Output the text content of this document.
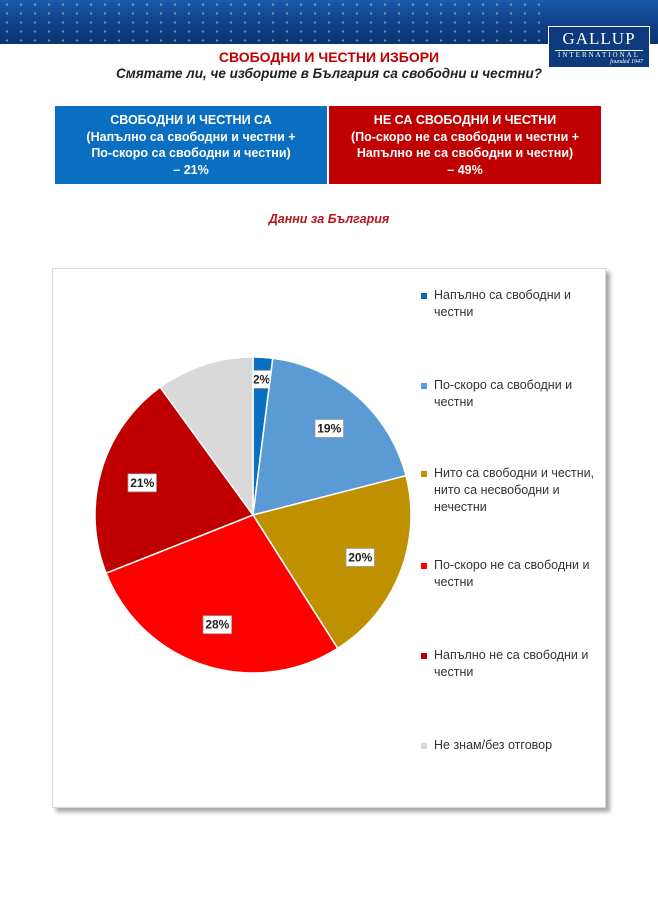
GALLUP
INTERNATIONAL
founded 1947
СВОБОДНИ И ЧЕСТНИ ИЗБОРИ
Смятате ли, че изборите в България са свободни и честни?
СВОБОДНИ И ЧЕСТНИ СА
(Напълно са свободни и честни +
По-скоро са свободни и честни)
– 21%
НЕ СА СВОБОДНИ И ЧЕСТНИ
(По-скоро не са свободни и честни +
Напълно не са свободни и честни)
– 49%
Данни за България
2%
19%
20%
28%
21%
Напълно са свободни и честни
По-скоро са свободни и честни
Нито са свободни и честни, нито са несвободни и нечестни
По-скоро не са свободни и честни
Напълно не са свободни и честни
Не знам/без отговор
